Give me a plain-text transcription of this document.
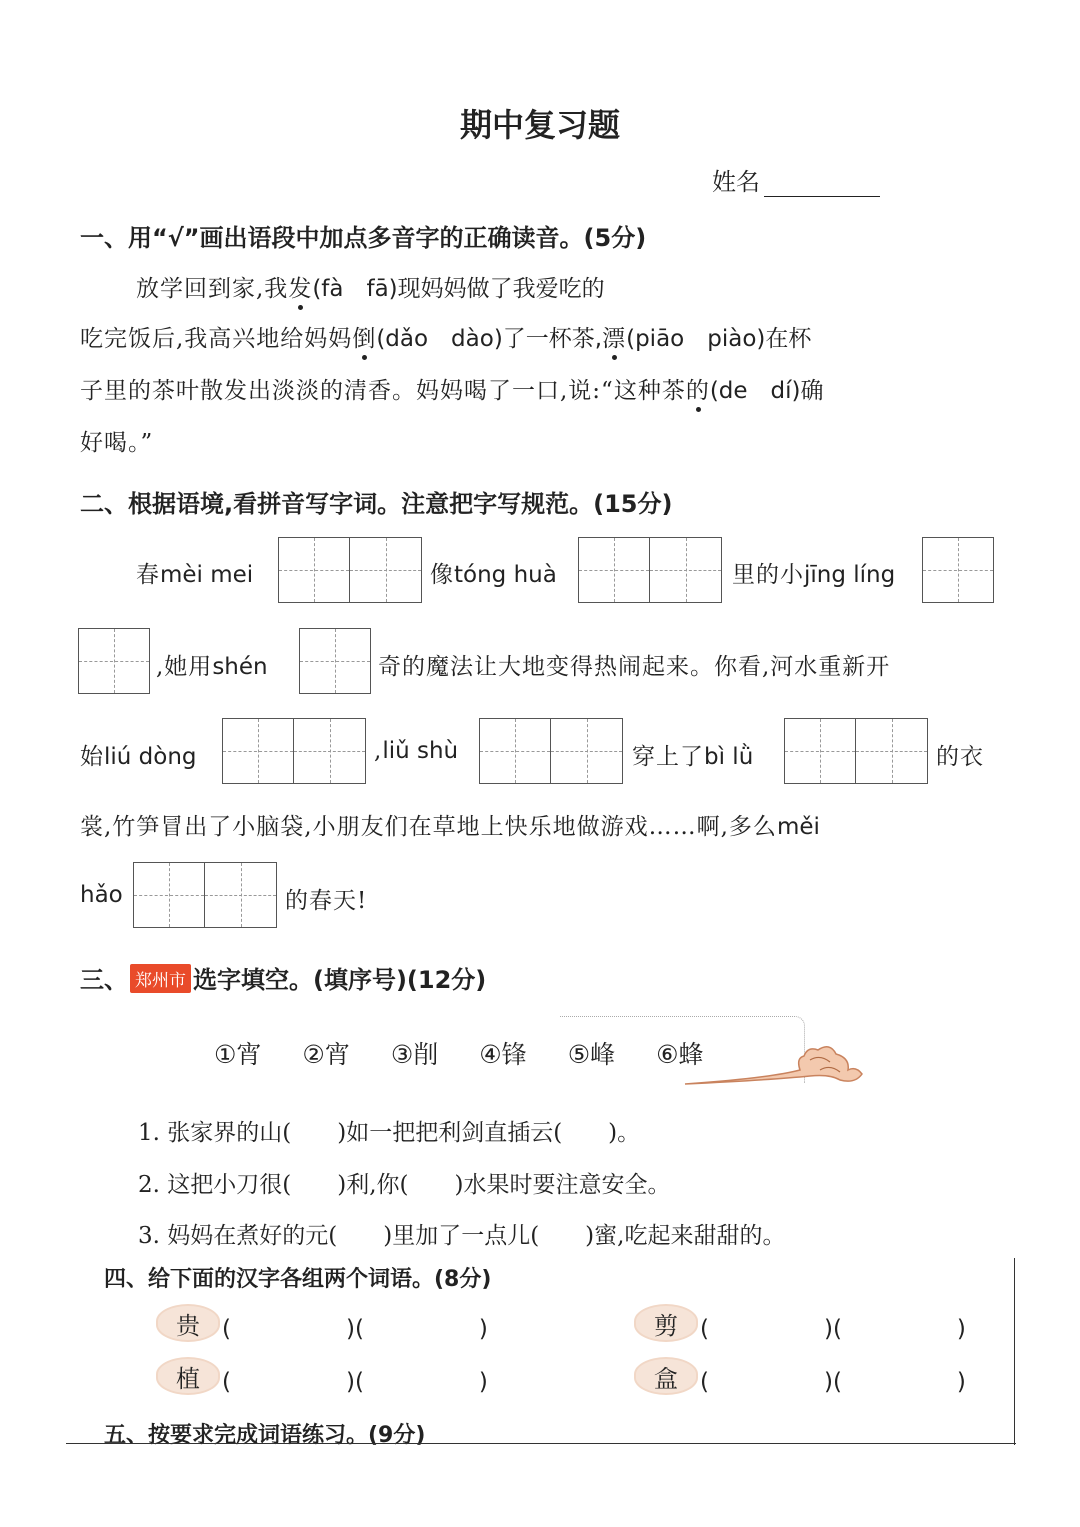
期中复习题
姓名
一、用“√”画出语段中加点多音字的正确读音。(5分)
放学回到家,我发(fà　fā)现妈妈做了我爱吃的
吃完饭后,我高兴地给妈妈倒(dǎo　dào)了一杯茶,漂(piāo　piào)在杯
子里的茶叶散发出淡淡的清香。妈妈喝了一口,说:“这种茶的(de　dí)确
好喝。”
二、根据语境,看拼音写字词。注意把字写规范。(15分)
春mèi mei	像tóng huà	里的小jīng líng
,她用shén	奇的魔法让大地变得热闹起来。你看,河水重新开
始liú dòng	,liǔ shù	穿上了bì lǜ	的衣
裳,竹笋冒出了小脑袋,小朋友们在草地上快乐地做游戏……啊,多么měi
hǎo	的春天!
三、 郑州市 选字填空。(填序号)(12分)
①宵 ②宵 ③削 ④锋 ⑤峰 ⑥蜂
1. 张家界的山(　　)如一把把利剑直插云(　　)。
2. 这把小刀很(　　)利,你(　　)水果时要注意安全。
3. 妈妈在煮好的元(　　)里加了一点儿(　　)蜜,吃起来甜甜的。
四、给下面的汉字各组两个词语。(8分)
贵 (　　　　　)(　　　　　)	剪 (　　　　　)(　　　　　)
植 (　　　　　)(　　　　　)	盒 (　　　　　)(　　　　　)
五、按要求完成词语练习。(9分)
